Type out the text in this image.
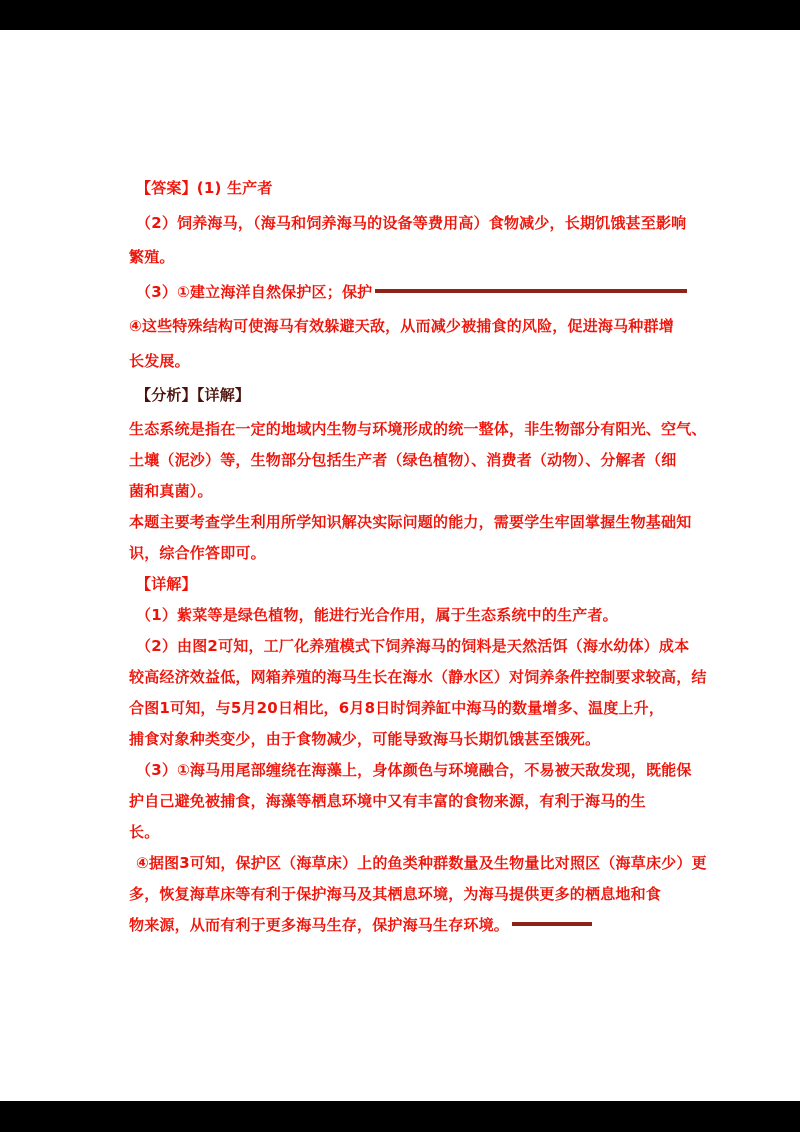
【答案】(1) 生产者
（2）饲养海马，（海马和饲养海马的设备等费用高）食物减少，长期饥饿甚至影响
繁殖。
（3）①建立海洋自然保护区；保护
④这些特殊结构可使海马有效躲避天敌，从而减少被捕食的风险，促进海马种群增
长发展。
【分析】【详解】
生态系统是指在一定的地域内生物与环境形成的统一整体，非生物部分有阳光、空气、
土壤（泥沙）等，生物部分包括生产者（绿色植物）、消费者（动物）、分解者（细
菌和真菌）。
本题主要考查学生利用所学知识解决实际问题的能力，需要学生牢固掌握生物基础知
识，综合作答即可。
【详解】
（1）紫菜等是绿色植物，能进行光合作用，属于生态系统中的生产者。
（2）由图2可知，工厂化养殖模式下饲养海马的饲料是天然活饵（海水幼体）成本
较高经济效益低，网箱养殖的海马生长在海水（静水区）对饲养条件控制要求较高，结
合图1可知，与5月20日相比，6月8日时饲养缸中海马的数量增多、温度上升，
捕食对象种类变少，由于食物减少，可能导致海马长期饥饿甚至饿死。
（3）①海马用尾部缠绕在海藻上，身体颜色与环境融合，不易被天敌发现，既能保
护自己避免被捕食，海藻等栖息环境中又有丰富的食物来源，有利于海马的生
长。
④据图3可知，保护区（海草床）上的鱼类种群数量及生物量比对照区（海草床少）更
多，恢复海草床等有利于保护海马及其栖息环境，为海马提供更多的栖息地和食
物来源，从而有利于更多海马生存，保护海马生存环境。
